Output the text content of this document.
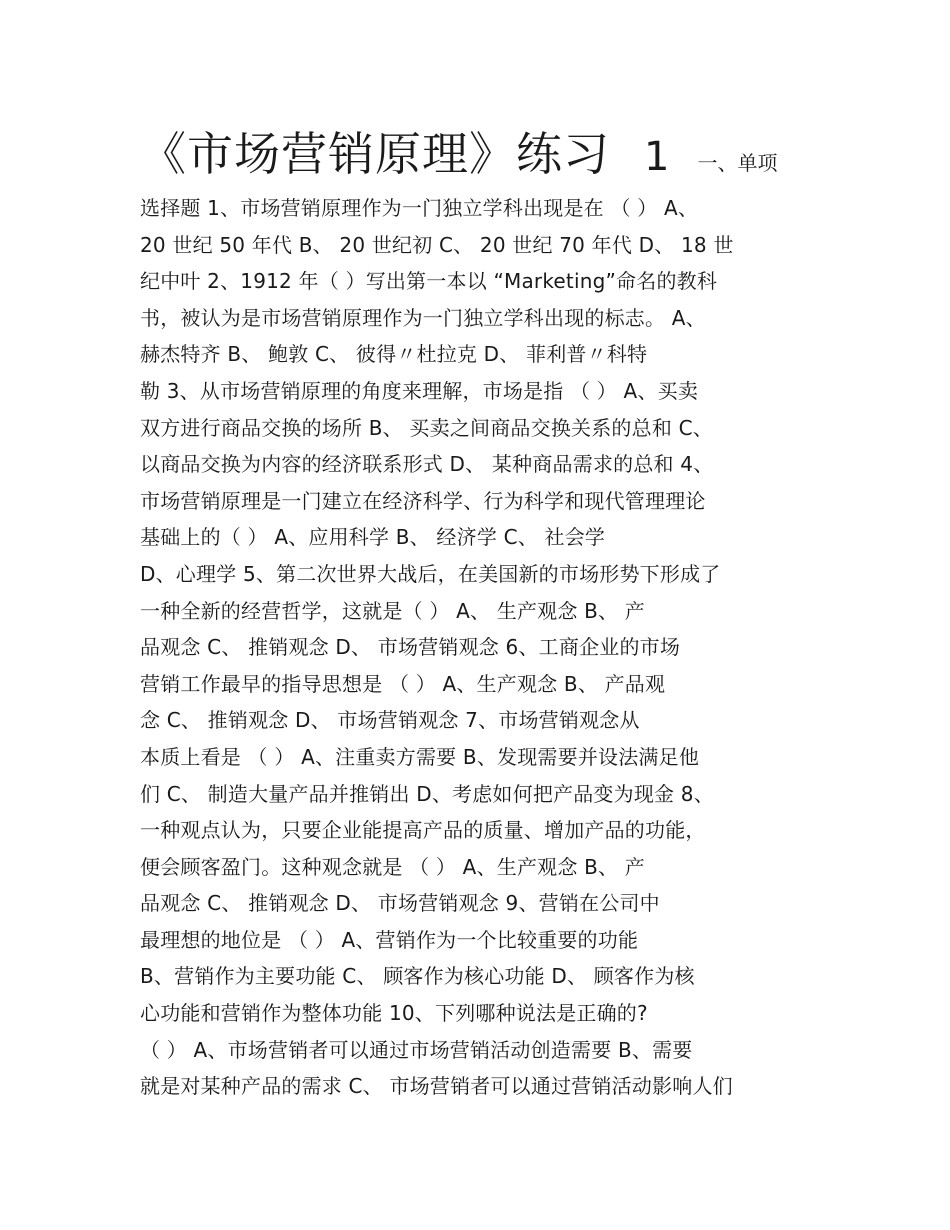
《市场营销原理》练习 1 一、单项
选择题 1、市场营销原理作为一门独立学科出现是在 （ ） A、
20 世纪 50 年代 B、 20 世纪初 C、 20 世纪 70 年代 D、 18 世
纪中叶 2、1912 年（ ）写出第一本以 “Marketing”命名的教科
书，被认为是市场营销原理作为一门独立学科出现的标志。 A、
赫杰特齐 B、 鲍敦 C、 彼得〃杜拉克 D、 菲利普〃科特
勒 3、从市场营销原理的角度来理解，市场是指 （ ） A、买卖
双方进行商品交换的场所 B、 买卖之间商品交换关系的总和 C、
以商品交换为内容的经济联系形式 D、 某种商品需求的总和 4、
市场营销原理是一门建立在经济科学、行为科学和现代管理理论
基础上的（ ） A、应用科学 B、 经济学 C、 社会学
D、心理学 5、第二次世界大战后，在美国新的市场形势下形成了
一种全新的经营哲学，这就是（ ） A、 生产观念 B、 产
品观念 C、 推销观念 D、 市场营销观念 6、工商企业的市场
营销工作最早的指导思想是 （ ） A、生产观念 B、 产品观
念 C、 推销观念 D、 市场营销观念 7、市场营销观念从
本质上看是 （ ） A、注重卖方需要 B、发现需要并设法满足他
们 C、 制造大量产品并推销出 D、考虑如何把产品变为现金 8、
一种观点认为，只要企业能提高产品的质量、增加产品的功能，
便会顾客盈门。这种观念就是 （ ） A、生产观念 B、 产
品观念 C、 推销观念 D、 市场营销观念 9、营销在公司中
最理想的地位是 （ ） A、营销作为一个比较重要的功能
B、营销作为主要功能 C、 顾客作为核心功能 D、 顾客作为核
心功能和营销作为整体功能 10、下列哪种说法是正确的?
（ ） A、市场营销者可以通过市场营销活动创造需要 B、需要
就是对某种产品的需求 C、 市场营销者可以通过营销活动影响人们
